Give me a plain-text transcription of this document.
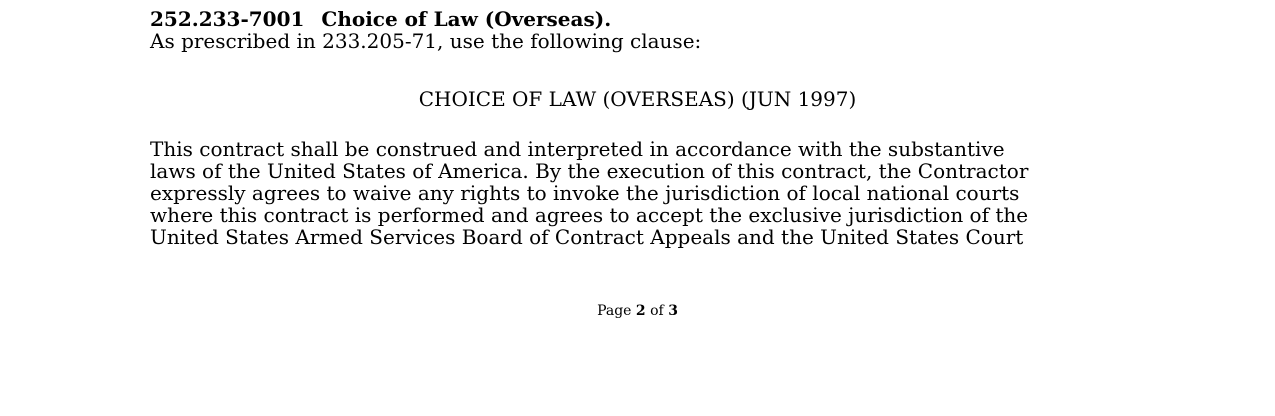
252.233-7001 Choice of Law (Overseas).

As prescribed in 233.205-71, use the following clause:

CHOICE OF LAW (OVERSEAS) (JUN 1997)
This contract shall be construed and interpreted in accordance with the substantive
laws of the United States of America. By the execution of this contract, the Contractor
expressly agrees to waive any rights to invoke the jurisdiction of local national courts
where this contract is performed and agrees to accept the exclusive jurisdiction of the
United States Armed Services Board of Contract Appeals and the United States Court
Page 2 of 3
